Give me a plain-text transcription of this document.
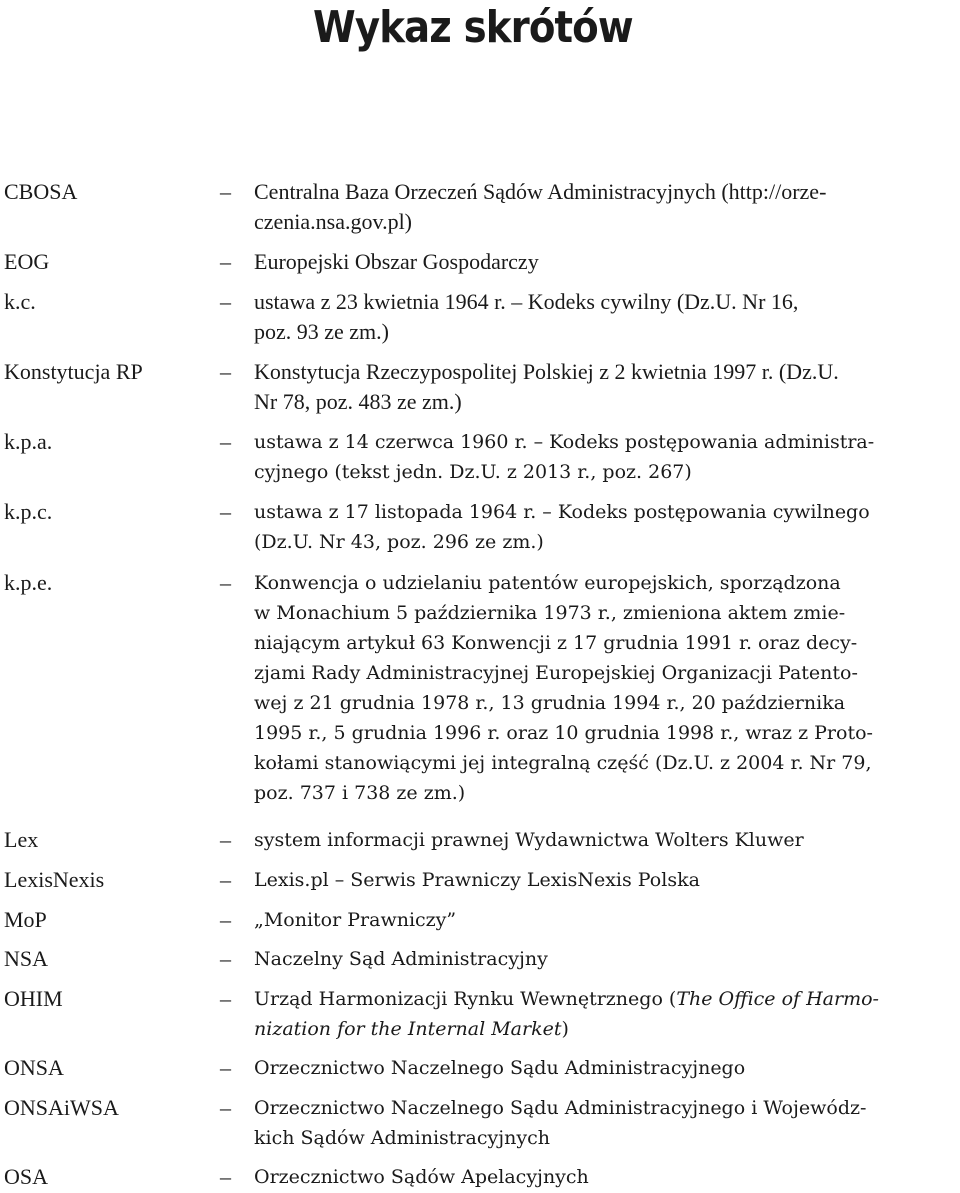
Wykaz skrótów
CBOSA	– Centralna Baza Orzeczeń Sądów Administracyjnych (http://orze-
czenia.nsa.gov.pl)
EOG	– Europejski Obszar Gospodarczy
k.c.	– ustawa z 23 kwietnia 1964 r. – Kodeks cywilny (Dz.U. Nr 16,
poz. 93 ze zm.)
Konstytucja RP	– Konstytucja Rzeczypospolitej Polskiej z 2 kwietnia 1997 r. (Dz.U.
Nr 78, poz. 483 ze zm.)
k.p.a.	– ustawa z 14 czerwca 1960 r. – Kodeks postępowania administra-
cyjnego (tekst jedn. Dz.U. z 2013 r., poz. 267)
k.p.c.	– ustawa z 17 listopada 1964 r. – Kodeks postępowania cywilnego
(Dz.U. Nr 43, poz. 296 ze zm.)
k.p.e.	– Konwencja o udzielaniu patentów europejskich, sporządzona
w Monachium 5 października 1973 r., zmieniona aktem zmie-
niającym artykuł 63 Konwencji z 17 grudnia 1991 r. oraz decy-
zjami Rady Administracyjnej Europejskiej Organizacji Patento-
wej z 21 grudnia 1978 r., 13 grudnia 1994 r., 20 października
1995 r., 5 grudnia 1996 r. oraz 10 grudnia 1998 r., wraz z Proto-
kołami stanowiącymi jej integralną część (Dz.U. z 2004 r. Nr 79,
poz. 737 i 738 ze zm.)
Lex	– system informacji prawnej Wydawnictwa Wolters Kluwer
LexisNexis	– Lexis.pl – Serwis Prawniczy LexisNexis Polska
MoP	– „Monitor Prawniczy”
NSA	– Naczelny Sąd Administracyjny
OHIM	– Urząd Harmonizacji Rynku Wewnętrznego (The Office of Harmo-
nization for the Internal Market)
ONSA	– Orzecznictwo Naczelnego Sądu Administracyjnego
ONSAiWSA	– Orzecznictwo Naczelnego Sądu Administracyjnego i Wojewódz-
kich Sądów Administracyjnych
OSA	– Orzecznictwo Sądów Apelacyjnych
